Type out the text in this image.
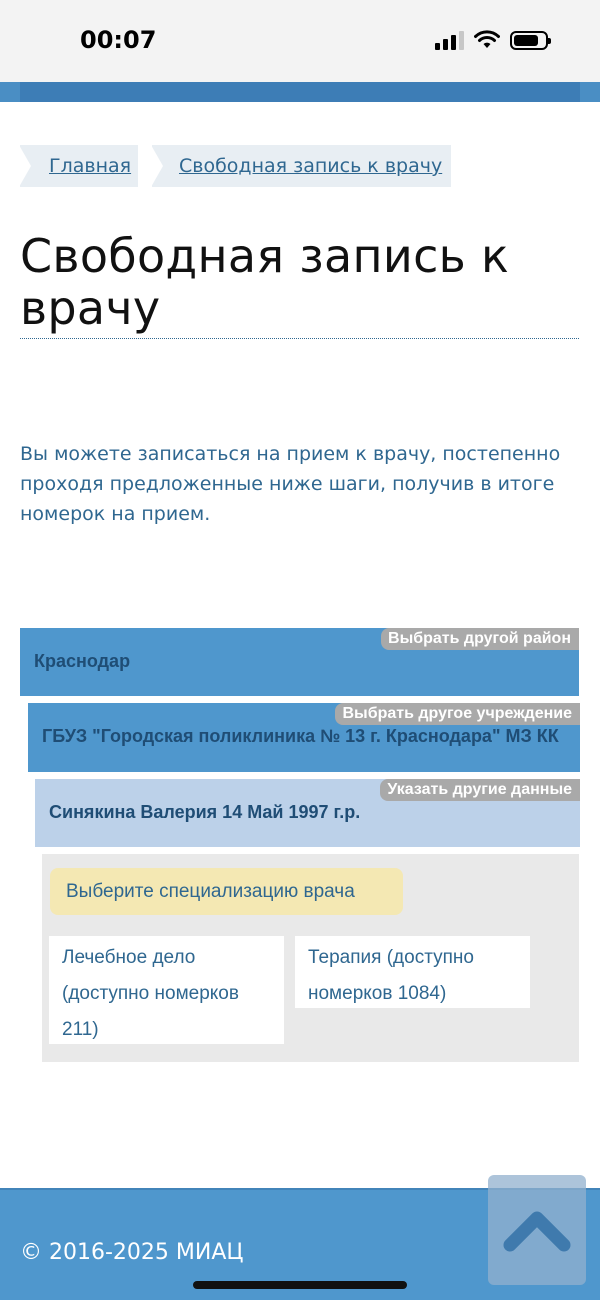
00:07
Главная	Свободная запись к врачу
Свободная запись к врачу

Вы можете записаться на прием к врачу, постепенно проходя предложенные ниже шаги, получив в итоге номерок на прием.

Выбрать другой район
Краснодар
Выбрать другое учреждение
ГБУЗ "Городская поликлиника № 13 г. Краснодара" МЗ КК
Указать другие данные
Синякина Валерия 14 Май 1997 г.р.
Выберите специализацию врача
Лечебное дело (доступно номерков 211)
Терапия (доступно номерков 1084)
© 2016-2025 МИАЦ
